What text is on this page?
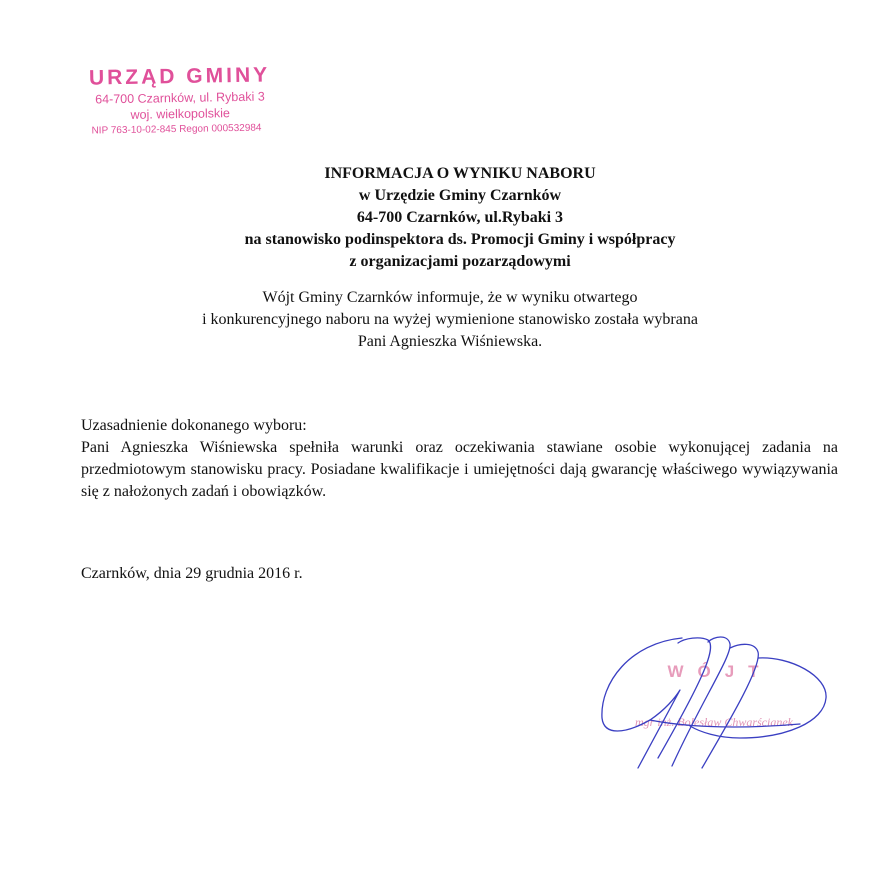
URZĄD GMINY
64-700 Czarnków, ul. Rybaki 3
woj. wielkopolskie
NIP 763-10-02-845 Regon 000532984
INFORMACJA O WYNIKU NABORU
w Urzędzie Gminy Czarnków
64-700 Czarnków, ul.Rybaki 3
na stanowisko podinspektora ds. Promocji Gminy i współpracy
z organizacjami pozarządowymi
Wójt Gminy Czarnków informuje, że w wyniku otwartego
i konkurencyjnego naboru na wyżej wymienione stanowisko została wybrana
Pani Agnieszka Wiśniewska.
Uzasadnienie dokonanego wyboru:
Pani Agnieszka Wiśniewska spełniła warunki oraz oczekiwania stawiane osobie wykonującej zadania na przedmiotowym stanowisku pracy. Posiadane kwalifikacje i umiejętności dają gwarancję właściwego wywiązywania się z nałożonych zadań i obowiązków.
Czarnków, dnia 29 grudnia 2016 r.
WÓJT
mgr inż. Bolesław Chwarścianek
